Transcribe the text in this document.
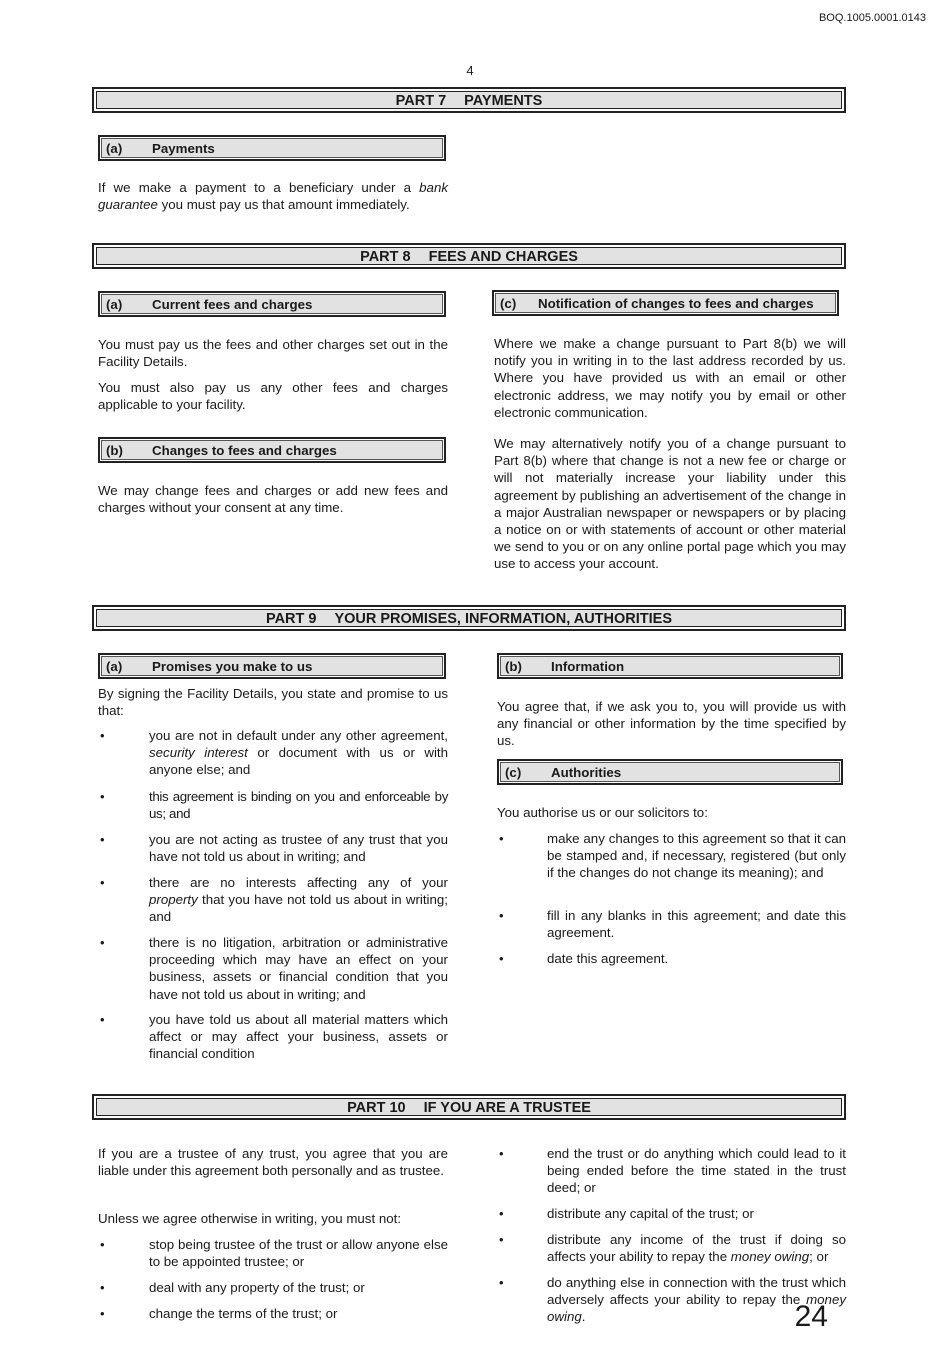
BOQ.1005.0001.0143
4
PART 7 PAYMENTS
(a) Payments
If we make a payment to a beneficiary under a bank guarantee you must pay us that amount immediately.
PART 8 FEES AND CHARGES
(a) Current fees and charges
You must pay us the fees and other charges set out in the Facility Details.
You must also pay us any other fees and charges applicable to your facility.
(b) Changes to fees and charges
We may change fees and charges or add new fees and charges without your consent at any time.
(c) Notification of changes to fees and charges
Where we make a change pursuant to Part 8(b) we will notify you in writing in to the last address recorded by us. Where you have provided us with an email or other electronic address, we may notify you by email or other electronic communication.
We may alternatively notify you of a change pursuant to Part 8(b) where that change is not a new fee or charge or will not materially increase your liability under this agreement by publishing an advertisement of the change in a major Australian newspaper or newspapers or by placing a notice on or with statements of account or other material we send to you or on any online portal page which you may use to access your account.
PART 9 YOUR PROMISES, INFORMATION, AUTHORITIES
(a) Promises you make to us
By signing the Facility Details, you state and promise to us that:
•	you are not in default under any other agreement, security interest or document with us or with anyone else; and
•	this agreement is binding on you and enforceable by us; and
•	you are not acting as trustee of any trust that you have not told us about in writing; and
•	there are no interests affecting any of your property that you have not told us about in writing; and
•	there is no litigation, arbitration or administrative proceeding which may have an effect on your business, assets or financial condition that you have not told us about in writing; and
•	you have told us about all material matters which affect or may affect your business, assets or financial condition
(b) Information
You agree that, if we ask you to, you will provide us with any financial or other information by the time specified by us.
(c) Authorities
You authorise us or our solicitors to:
•	make any changes to this agreement so that it can be stamped and, if necessary, registered (but only if the changes do not change its meaning); and
•	fill in any blanks in this agreement; and date this agreement.
•	date this agreement.
PART 10 IF YOU ARE A TRUSTEE
If you are a trustee of any trust, you agree that you are liable under this agreement both personally and as trustee.
Unless we agree otherwise in writing, you must not:
•	stop being trustee of the trust or allow anyone else to be appointed trustee; or
•	deal with any property of the trust; or
•	change the terms of the trust; or
•	end the trust or do anything which could lead to it being ended before the time stated in the trust deed; or
•	distribute any capital of the trust; or
•	distribute any income of the trust if doing so affects your ability to repay the money owing; or
•	do anything else in connection with the trust which adversely affects your ability to repay the money owing.	24
